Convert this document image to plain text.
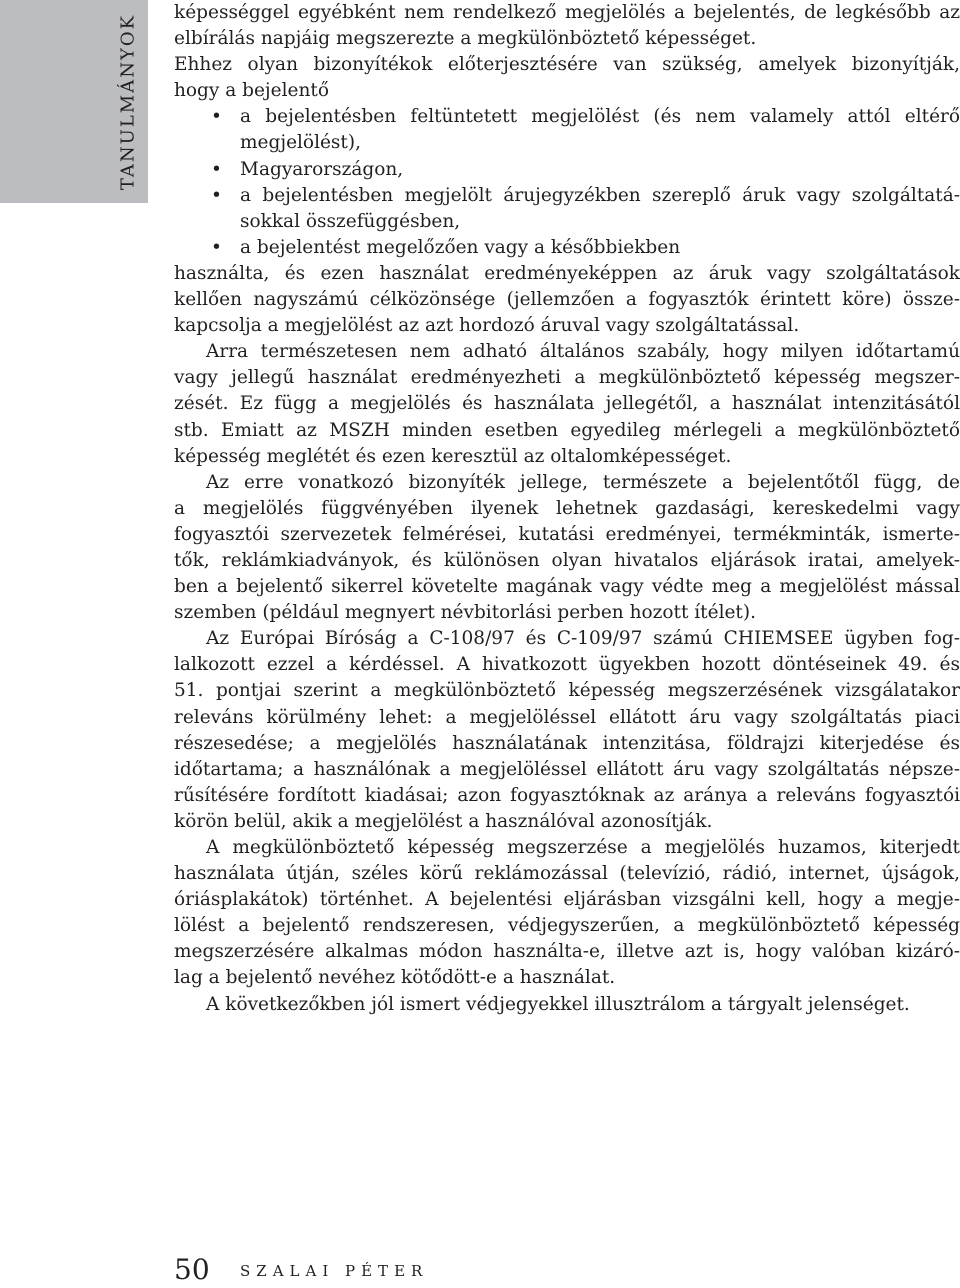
TANULMÁNYOK
képességgel egyébként nem rendelkező megjelölés a bejelentés, de legkésőbb az
elbírálás napjáig megszerezte a megkülönböztető képességet.
Ehhez olyan bizonyítékok előterjesztésére van szükség, amelyek bizonyítják,
hogy a bejelentő
• a bejelentésben feltüntetett megjelölést (és nem valamely attól eltérő
megjelölést),
• Magyarországon,
• a bejelentésben megjelölt árujegyzékben szereplő áruk vagy szolgáltatá-
sokkal összefüggésben,
• a bejelentést megelőzően vagy a későbbiekben
használta, és ezen használat eredményeképpen az áruk vagy szolgáltatások
kellően nagyszámú célközönsége (jellemzően a fogyasztók érintett köre) össze-
kapcsolja a megjelölést az azt hordozó áruval vagy szolgáltatással.
Arra természetesen nem adható általános szabály, hogy milyen időtartamú
vagy jellegű használat eredményezheti a megkülönböztető képesség megszer-
zését. Ez függ a megjelölés és használata jellegétől, a használat intenzitásától
stb. Emiatt az MSZH minden esetben egyedileg mérlegeli a megkülönböztető
képesség meglétét és ezen keresztül az oltalomképességet.
Az erre vonatkozó bizonyíték jellege, természete a bejelentőtől függ, de
a megjelölés függvényében ilyenek lehetnek gazdasági, kereskedelmi vagy
fogyasztói szervezetek felmérései, kutatási eredményei, termékminták, ismerte-
tők, reklámkiadványok, és különösen olyan hivatalos eljárások iratai, amelyek-
ben a bejelentő sikerrel követelte magának vagy védte meg a megjelölést mással
szemben (például megnyert névbitorlási perben hozott ítélet).
Az Európai Bíróság a C-108/97 és C-109/97 számú CHIEMSEE ügyben fog-
lalkozott ezzel a kérdéssel. A hivatkozott ügyekben hozott döntéseinek 49. és
51. pontjai szerint a megkülönböztető képesség megszerzésének vizsgálatakor
releváns körülmény lehet: a megjelöléssel ellátott áru vagy szolgáltatás piaci
részesedése; a megjelölés használatának intenzitása, földrajzi kiterjedése és
időtartama; a használónak a megjelöléssel ellátott áru vagy szolgáltatás népsze-
rűsítésére fordított kiadásai; azon fogyasztóknak az aránya a releváns fogyasztói
körön belül, akik a megjelölést a használóval azonosítják.
A megkülönböztető képesség megszerzése a megjelölés huzamos, kiterjedt
használata útján, széles körű reklámozással (televízió, rádió, internet, újságok,
óriásplakátok) történhet. A bejelentési eljárásban vizsgálni kell, hogy a megje-
lölést a bejelentő rendszeresen, védjegyszerűen, a megkülönböztető képesség
megszerzésére alkalmas módon használta-e, illetve azt is, hogy valóban kizáró-
lag a bejelentő nevéhez kötődött-e a használat.
A következőkben jól ismert védjegyekkel illusztrálom a tárgyalt jelenséget.
50 SZALAI PÉTER
